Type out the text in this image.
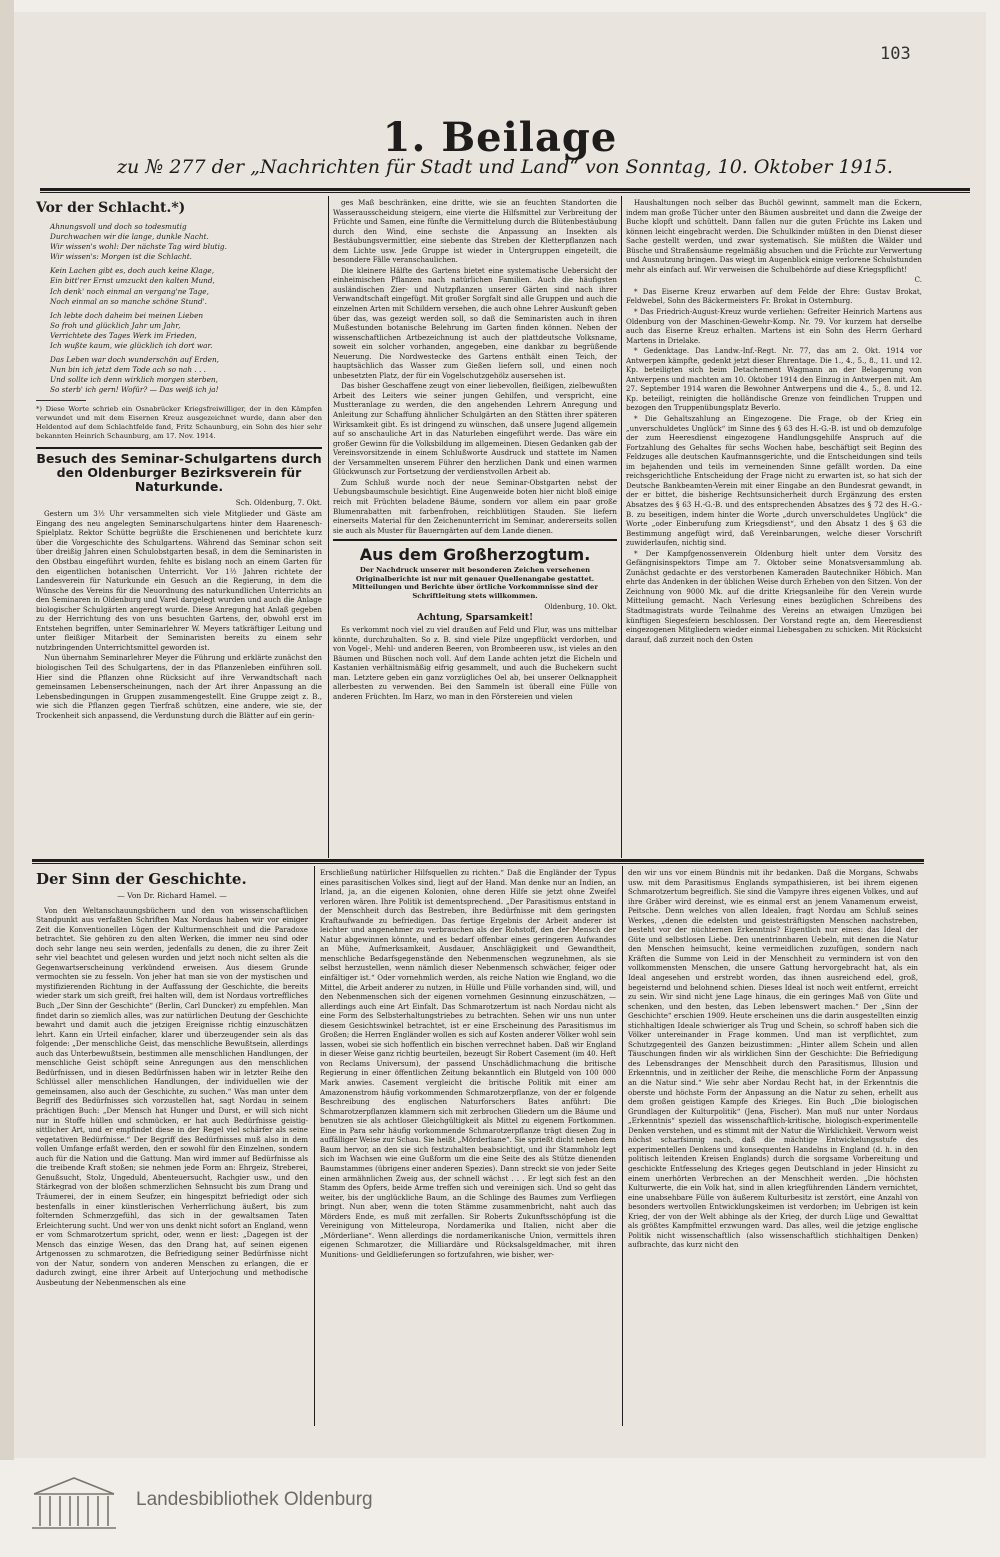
103
1. Beilage
zu № 277 der „Nachrichten für Stadt und Land“ von Sonntag, 10. Oktober 1915.
Vor der Schlacht.*)
Ahnungsvoll und doch so todesmutig
Durchwachen wir die lange, dunkle Nacht.
Wir wissen's wohl: Der nächste Tag wird blutig.
Wir wissen's: Morgen ist die Schlacht.
Kein Lachen gibt es, doch auch keine Klage,
Ein bitt'rer Ernst umzuckt den kalten Mund,
Ich denk' noch einmal an vergang'ne Tage,
Noch einmal an so manche schöne Stund'.
Ich lebte doch daheim bei meinen Lieben
So froh und glücklich Jahr um Jahr,
Verrichtete des Tages Werk im Frieden,
Ich wußte kaum, wie glücklich ich dort war.
Das Leben war doch wunderschön auf Erden,
Nun bin ich jetzt dem Tode ach so nah . . .
Und sollte ich denn wirklich morgen sterben,
So sterb' ich gern! Wofür? — Das weiß ich ja!
*) Diese Worte schrieb ein Osnabrücker Kriegsfreiwilliger, der in den Kämpfen verwundet und mit dem Eisernen Kreuz ausgezeichnet wurde, dann aber den Heldentod auf dem Schlachtfelde fand, Fritz Schaunburg, ein Sohn des hier sehr bekannten Heinrich Schaunburg, am 17. Nov. 1914.
Besuch des Seminar-Schulgartens durch den Oldenburger Bezirksverein für Naturkunde.
Sch. Oldenburg, 7. Okt.

Gestern um 3½ Uhr versammelten sich viele Mitglieder und Gäste am Eingang des neu angelegten Seminarschulgartens hinter dem Haarenesch-Spielplatz. Rektor Schütte begrüßte die Erschienenen und berichtete kurz über die Vorgeschichte des Schulgartens. Während das Seminar schon seit über dreißig Jahren einen Schulobstgarten besaß, in dem die Seminaristen in den Obstbau eingeführt wurden, fehlte es bislang noch an einem Garten für den eigentlichen botanischen Unterricht. Vor 1½ Jahren richtete der Landesverein für Naturkunde ein Gesuch an die Regierung, in dem die Wünsche des Vereins für die Neuordnung des naturkundlichen Unterrichts an den Seminaren in Oldenburg und Varel dargelegt wurden und auch die Anlage biologischer Schulgärten angeregt wurde. Diese Anregung hat Anlaß gegeben zu der Herrichtung des von uns besuchten Gartens, der, obwohl erst im Entstehen begriffen, unter Seminarlehrer W. Meyers tatkräftiger Leitung und unter fleißiger Mitarbeit der Seminaristen bereits zu einem sehr nutzbringenden Unterrichtsmittel geworden ist.

Nun übernahm Seminarlehrer Meyer die Führung und erklärte zunächst den biologischen Teil des Schulgartens, der in das Pflanzenleben einführen soll. Hier sind die Pflanzen ohne Rücksicht auf ihre Verwandtschaft nach gemeinsamen Lebenserscheinungen, nach der Art ihrer Anpassung an die Lebensbedingungen in Gruppen zusammengestellt. Eine Gruppe zeigt z. B., wie sich die Pflanzen gegen Tierfraß schützen, eine andere, wie sie, der Trockenheit sich anpassend, die Verdunstung durch die Blätter auf ein gerin-

ges Maß beschränken, eine dritte, wie sie an feuchten Standorten die Wasserausscheidung steigern, eine vierte die Hilfsmittel zur Verbreitung der Früchte und Samen, eine fünfte die Vermittelung durch die Blütenbestäubung durch den Wind, eine sechste die Anpassung an Insekten als Bestäubungsvermittler, eine siebente das Streben der Kletterpflanzen nach dem Lichte usw. Jede Gruppe ist wieder in Untergruppen eingeteilt, die besondere Fälle veranschaulichen.

Die kleinere Hälfte des Gartens bietet eine systematische Uebersicht der einheimischen Pflanzen nach natürlichen Familien. Auch die häufigsten ausländischen Zier- und Nutzpflanzen unserer Gärten sind nach ihrer Verwandtschaft eingefügt. Mit großer Sorgfalt sind alle Gruppen und auch die einzelnen Arten mit Schildern versehen, die auch ohne Lehrer Auskunft geben über das, was gezeigt werden soll, so daß die Seminaristen auch in ihren Mußestunden botanische Belehrung im Garten finden können. Neben der wissenschaftlichen Artbezeichnung ist auch der plattdeutsche Volksname, soweit ein solcher vorhanden, angegeben, eine dankbar zu begrüßende Neuerung. Die Nordwestecke des Gartens enthält einen Teich, der hauptsächlich das Wasser zum Gießen liefern soll, und einen noch unbesetzten Platz, der für ein Vogelschutzgehölz ausersehen ist.

Das bisher Geschaffene zeugt von einer liebevollen, fleißigen, zielbewußten Arbeit des Leiters wie seiner jungen Gehilfen, und verspricht, eine Mustteranlage zu werden, die den angehenden Lehrern Anregung und Anleitung zur Schaffung ähnlicher Schulgärten an den Stätten ihrer späteren Wirksamkeit gibt. Es ist dringend zu wünschen, daß unsere Jugend allgemein auf so anschauliche Art in das Naturleben eingeführt werde. Das wäre ein großer Gewinn für die Volksbildung im allgemeinen. Diesen Gedanken gab der Vereinsvorsitzende in einem Schlußworte Ausdruck und stattete im Namen der Versammelten unserem Führer den herzlichen Dank und einen warmen Glückwunsch zur Fortsetzung der verdienstvollen Arbeit ab.

Zum Schluß wurde noch der neue Seminar-Obstgarten nebst der Uebungsbaumschule besichtigt. Eine Augenweide boten hier nicht bloß einige reich mit Früchten beladene Bäume, sondern vor allem ein paar große Blumenrabatten mit farbenfrohen, reichblütigen Stauden. Sie liefern einerseits Material für den Zeichenunterricht im Seminar, andererseits sollen sie auch als Muster für Bauerngärten auf dem Lande dienen.

Aus dem Großherzogtum.
Der Nachdruck unserer mit besonderen Zeichen versehenen Originalberichte ist nur mit genauer Quellenangabe gestattet. Mitteilungen und Berichte über örtliche Vorkommnisse sind der Schriftleitung stets willkommen.
Oldenburg, 10. Okt.
Achtung, Sparsamkeit!

Es verkommt noch viel zu viel draußen auf Feld und Flur, was uns mittelbar könnte, durchzuhalten. So z. B. sind viele Pilze ungepflückt verdorben, und von Vogel-, Mehl- und anderen Beeren, von Brombeeren usw., ist vieles an den Bäumen und Büschen noch voll. Auf dem Lande achten jetzt die Eicheln und Kastanien verhältnismäßig eifrig gesammelt, und auch die Buchekern sucht man. Letztere geben ein ganz vorzügliches Oel ab, bei unserer Oelknappheit allerbesten zu verwenden. Bei den Sammeln ist überall eine Fülle von anderen Früchten. Im Harz, wo man in den Förstereien und vielen

Haushaltungen noch selber das Buchöl gewinnt, sammelt man die Eckern, indem man große Tücher unter den Bäumen ausbreitet und dann die Zweige der Buche klopft und schüttelt. Dann fallen nur die guten Früchte ins Laken und können leicht eingebracht werden. Die Schulkinder müßten in den Dienst dieser Sache gestellt werden, und zwar systematisch. Sie müßten die Wälder und Büsche und Straßensäume regelmäßig absuchen und die Früchte zur Verwertung und Ausnutzung bringen. Das wiegt im Augenblick einige verlorene Schulstunden mehr als einfach auf. Wir verweisen die Schulbehörde auf diese Kriegspflicht!

C.

* Das Eiserne Kreuz erwarben auf dem Felde der Ehre: Gustav Brokat, Feldwebel, Sohn des Bäckermeisters Fr. Brokat in Osternburg.

* Das Friedrich-August-Kreuz wurde verliehen: Gefreiter Heinrich Martens aus Oldenburg von der Maschinen-Gewehr-Komp. Nr. 79. Vor kurzem hat derselbe auch das Eiserne Kreuz erhalten. Martens ist ein Sohn des Herrn Gerhard Martens in Drielake.

* Gedenktage. Das Landw.-Inf.-Regt. Nr. 77, das am 2. Okt. 1914 vor Antwerpen kämpfte, gedenkt jetzt dieser Ehrentage. Die 1., 4., 5., 8., 11. und 12. Kp. beteiligten sich beim Detachement Wagmann an der Belagerung von Antwerpens und machten am 10. Oktober 1914 den Einzug in Antwerpen mit. Am 27. September 1914 waren die Bewohner Antwerpens und die 4., 5., 8. und 12. Kp. beteiligt, reinigten die holländische Grenze von feindlichen Truppen und bezogen den Truppenübungsplatz Beverlo.

* Die Gehaltszahlung an Eingezogene. Die Frage, ob der Krieg ein „unverschuldetes Unglück“ im Sinne des § 63 des H.-G.-B. ist und ob demzufolge der zum Heeresdienst eingezogene Handlungsgehilfe Anspruch auf die Fortzahlung des Gehaltes für sechs Wochen habe, beschäftigt seit Beginn des Feldzuges alle deutschen Kaufmannsgerichte, und die Entscheidungen sind teils im bejahenden und teils im verneinenden Sinne gefällt worden. Da eine reichsgerichtliche Entscheidung der Frage nicht zu erwarten ist, so hat sich der Deutsche Bankbeamten-Verein mit einer Eingabe an den Bundesrat gewandt, in der er bittet, die bisherige Rechtsunsicherheit durch Ergänzung des ersten Absatzes des § 63 H.-G.-B. und des entsprechenden Absatzes des § 72 des H.-G.-B. zu beseitigen, indem hinter die Worte „durch unverschuldetes Unglück“ die Worte „oder Einberufung zum Kriegsdienst“, und den Absatz 1 des § 63 die Bestimmung angefügt wird, daß Vereinbarungen, welche dieser Vorschrift zuwiderlaufen, nichtig sind.

* Der Kampfgenossenverein Oldenburg hielt unter dem Vorsitz des Gefängnisinspektors Timpe am 7. Oktober seine Monatsversammlung ab. Zunächst gedachte er des verstorbenen Kameraden Bautechniker Höbich. Man ehrte das Andenken in der üblichen Weise durch Erheben von den Sitzen. Von der Zeichnung von 9000 Mk. auf die dritte Kriegsanleihe für den Verein wurde Mitteilung gemacht. Nach Verlesung eines bezüglichen Schreibens des Stadtmagistrats wurde Teilnahme des Vereins an etwaigen Umzügen bei künftigen Siegesfeiern beschlossen. Der Vorstand regte an, dem Heeresdienst eingezogenen Mitgliedern wieder einmal Liebesgaben zu schicken. Mit Rücksicht darauf, daß zurzeit noch den Osten

Der Sinn der Geschichte.
— Von Dr. Richard Hamel. —

Von den Weltanschauungsbüchern und den von wissenschaftlichen Standpunkt aus verfaßten Schriften Max Nordaus haben wir vor einiger Zeit die Konventionellen Lügen der Kulturmenschheit und die Paradoxe betrachtet. Sie gehören zu den alten Werken, die immer neu sind oder doch sehr lange neu sein werden, jedenfalls zu denen, die zu ihrer Zeit sehr viel beachtet und gelesen wurden und jetzt noch nicht selten als die Gegenwartserscheinung verkündend erweisen. Aus diesem Grunde vermochten sie zu fesseln. Von jeher hat man sie von der mystischen und mystifizierenden Richtung in der Auffassung der Geschichte, die bereits wieder stark um sich greift, frei halten will, dem ist Nordaus vortreffliches Buch „Der Sinn der Geschichte“ (Berlin, Carl Duncker) zu empfehlen. Man findet darin so ziemlich alles, was zur natürlichen Deutung der Geschichte bewahrt und damit auch die jetzigen Ereignisse richtig einzuschätzen lehrt. Kann ein Urteil einfacher, klarer und überzeugender sein als das folgende: „Der menschliche Geist, das menschliche Bewußtsein, allerdings auch das Unterbewußtsein, bestimmen alle menschlichen Handlungen, der menschliche Geist schöpft seine Anregungen aus den menschlichen Bedürfnissen, und in diesen Bedürfnissen haben wir in letzter Reihe den Schlüssel aller menschlichen Handlungen, der individuellen wie der gemeinsamen, also auch der Geschichte, zu suchen.“ Was man unter dem Begriff des Bedürfnisses sich vorzustellen hat, sagt Nordau in seinem prächtigen Buch: „Der Mensch hat Hunger und Durst, er will sich nicht nur in Stoffe hüllen und schmücken, er hat auch Bedürfnisse geistig-sittlicher Art, und er empfindet diese in der Regel viel schärfer als seine vegetativen Bedürfnisse.“ Der Begriff des Bedürfnisses muß also in dem vollen Umfange erfaßt werden, den er sowohl für den Einzelnen, sondern auch für die Nation und die Gattung. Man wird immer auf Bedürfnisse als die treibende Kraft stoßen; sie nehmen jede Form an: Ehrgeiz, Streberei, Genußsucht, Stolz, Ungeduld, Abenteuersucht, Rachgier usw., und den Stärkegrad von der bloßen schmerzlichen Sehnsucht bis zum Drang und Träumerei, der in einem Seufzer, ein hingespitzt befriedigt oder sich bestenfalls in einer künstlerischen Verherrlichung äußert, bis zum folternden Schmerzgefühl, das sich in der gewaltsamen Taten Erleichterung sucht. Und wer von uns denkt nicht sofort an England, wenn er vom Schmarotzertum spricht, oder, wenn er liest: „Dagegen ist der Mensch das einzige Wesen, das den Drang hat, auf seinen eigenen Artgenossen zu schmarotzen, die Befriedigung seiner Bedürfnisse nicht von der Natur, sondern von anderen Menschen zu erlangen, die er dadurch zwingt, eine ihrer Arbeit auf Unterjochung und methodische Ausbeutung der Nebenmenschen als eine

Erschließung natürlicher Hilfsquellen zu richten.“ Daß die Engländer der Typus eines parasitischen Volkes sind, liegt auf der Hand. Man denke nur an Indien, an Irland, ja, an die eigenen Kolonien, ohne deren Hilfe sie jetzt ohne Zweifel verloren wären. Ihre Politik ist dementsprechend. „Der Parasitismus entstand in der Menschheit durch das Bestreben, ihre Bedürfnisse mit dem geringsten Kraftaufwande zu befriedigen. Das fertige Ergebnis der Arbeit anderer ist leichter und angenehmer zu verbrauchen als der Rohstoff, den der Mensch der Natur abgewinnen könnte, und es bedarf offenbar eines geringeren Aufwandes an Mühe, Aufmerksamkeit, Ausdauer, Anschlägigkeit und Gewandtheit, menschliche Bedarfsgegenstände den Nebenmenschen wegzunehmen, als sie selbst herzustellen, wenn nämlich dieser Nebenmensch schwächer, feiger oder einfältiger ist.“ Oder vornehmlich werden, als reiche Nation wie England, wo die Mittel, die Arbeit anderer zu nutzen, in Hülle und Fülle vorhanden sind, will, und den Nebenmenschen sich der eigenen vornehmen Gesinnung einzuschätzen, — allerdings auch eine Art Einfalt. Das Schmarotzertum ist nach Nordau nicht als eine Form des Selbsterhaltungstriebes zu betrachten. Sehen wir uns nun unter diesem Gesichtswinkel betrachtet, ist er eine Erscheinung des Parasitismus im Großen; die Herren Engländer wollen es sich auf Kosten anderer Völker wohl sein lassen, wobei sie sich hoffentlich ein bischen verrechnet haben. Daß wir England in dieser Weise ganz richtig beurteilen, bezeugt Sir Robert Casement (im 40. Heft von Reclams Universum), der passend Unschädlichmachung die britische Regierung in einer öffentlichen Zeitung bekanntlich ein Blutgeld von 100 000 Mark anwies. Casement vergleicht die britische Politik mit einer am Amazonenstrom häufig vorkommenden Schmarotzerpflanze, von der er folgende Beschreibung des englischen Naturforschers Bates anführt: Die Schmarotzerpflanzen klammern sich mit zerbrochen Gliedern um die Bäume und benutzen sie als achtloser Gleichgültigkeit als Mittel zu eigenem Fortkommen. Eine in Para sehr häufig vorkommende Schmarotzerpflanze trägt diesen Zug in auffälliger Weise zur Schau. Sie heißt „Mörderliane“. Sie sprießt dicht neben dem Baum hervor, an den sie sich festzuhalten beabsichtigt, und ihr Stammholz legt sich im Wachsen wie eine Gußform um die eine Seite des als Stütze dienenden Baumstammes (übrigens einer anderen Spezies). Dann streckt sie von jeder Seite einen armähnlichen Zweig aus, der schnell wächst . . . Er legt sich fest an den Stamm des Opfers, beide Arme treffen sich und vereinigen sich. Und so geht das weiter, bis der unglückliche Baum, an die Schlinge des Baumes zum Verfliegen bringt. Nun aber, wenn die toten Stämme zusammenbricht, naht auch das Mörders Ende, es muß mit zerfallen. Sir Roberts Zukunftsschöpfung ist die Vereinigung von Mitteleuropa, Nordamerika und Italien, nicht aber die „Mörderliane“. Wenn allerdings die nordamerikanische Union, vermittels ihren eigenen Schmarotzer, die Milliardäre und Rücksalsgeldmacher, mit ihren Munitions- und Geldlieferungen so fortzufahren, wie bisher, wer-

den wir uns vor einem Bündnis mit ihr bedanken. Daß die Morgans, Schwabs usw. mit dem Parasitismus Englands sympathisieren, ist bei ihrem eigenen Schmarotzertum begreiflich. Sie sind die Vampyre ihres eigenen Volkes, und auf ihre Gräber wird dereinst, wie es einmal erst an jenem Vanamenum erweist, Peitsche. Denn welches von allen Idealen, fragt Nordau am Schluß seines Werkes, „denen die edelsten und geistesträftigsten Menschen nachstreben, besteht vor der nüchternen Erkenntnis? Eigentlich nur eines: das Ideal der Güte und selbstlosen Liebe. Den unentrinnbaren Uebeln, mit denen die Natur den Menschen heimsucht, keine vermeidlichen zuzufügen, sondern nach Kräften die Summe von Leid in der Menschheit zu vermindern ist von den vollkommensten Menschen, die unsere Gattung hervorgebracht hat, als ein Ideal angesehen und erstrebt worden, das ihnen ausreichend edel, groß, begeisternd und belohnend schien. Dieses Ideal ist noch weit entfernt, erreicht zu sein. Wir sind nicht jene Lage hinaus, die ein geringes Maß von Güte und schenken, und den besten, das Leben lebenswert machen.“ Der „Sinn der Geschichte“ erschien 1909. Heute erscheinen uns die darin ausgestellten einzig stichhaltigen Ideale schwieriger als Trug und Schein, so schroff haben sich die Völker untereinander in Frage kommen. Und man ist verpflichtet, zum Schutzgegenteil des Ganzen beizustimmen: „Hinter allem Schein und allen Täuschungen finden wir als wirklichen Sinn der Geschichte: Die Befriedigung des Lebensdranges der Menschheit durch den Parasitismus, Illusion und Erkenntnis, und in zeitlicher der Reihe, die menschliche Form der Anpassung an die Natur sind.“ Wie sehr aber Nordau Recht hat, in der Erkenntnis die oberste und höchste Form der Anpassung an die Natur zu sehen, erhellt aus dem großen geistigen Kampfe des Krieges. Ein Buch „Die biologischen Grundlagen der Kulturpolitik“ (Jena, Fischer). Man muß nur unter Nordaus „Erkenntnis“ speziell das wissenschaftlich-kritische, biologisch-experimentelle Denken verstehen, und es stimmt mit der Natur die Wirklichkeit. Verworn weist höchst scharfsinnig nach, daß die mächtige Entwickelungsstufe des experimentellen Denkens und konsequenten Handelns in England (d. h. in den politisch leitenden Kreisen Englands) durch die sorgsame Vorbereitung und geschickte Entfesselung des Krieges gegen Deutschland in jeder Hinsicht zu einem unerhörten Verbrechen an der Menschheit werden. „Die höchsten Kulturwerte, die ein Volk hat, sind in allen kriegführenden Ländern vernichtet, eine unabsehbare Fülle von äußerem Kulturbesitz ist zerstört, eine Anzahl von besonders wertvollen Entwicklungskeimen ist verdorben; im Uebrigen ist kein Krieg, der von der Welt abhinge als der Krieg, der durch Lüge und Gewalttat als größtes Kampfmittel erzwungen ward. Das alles, weil die jetzige englische Politik nicht wissenschaftlich (also wissenschaftlich stichhaltigen Denken) aufbrachte, das kurz nicht den

Landesbibliothek Oldenburg
